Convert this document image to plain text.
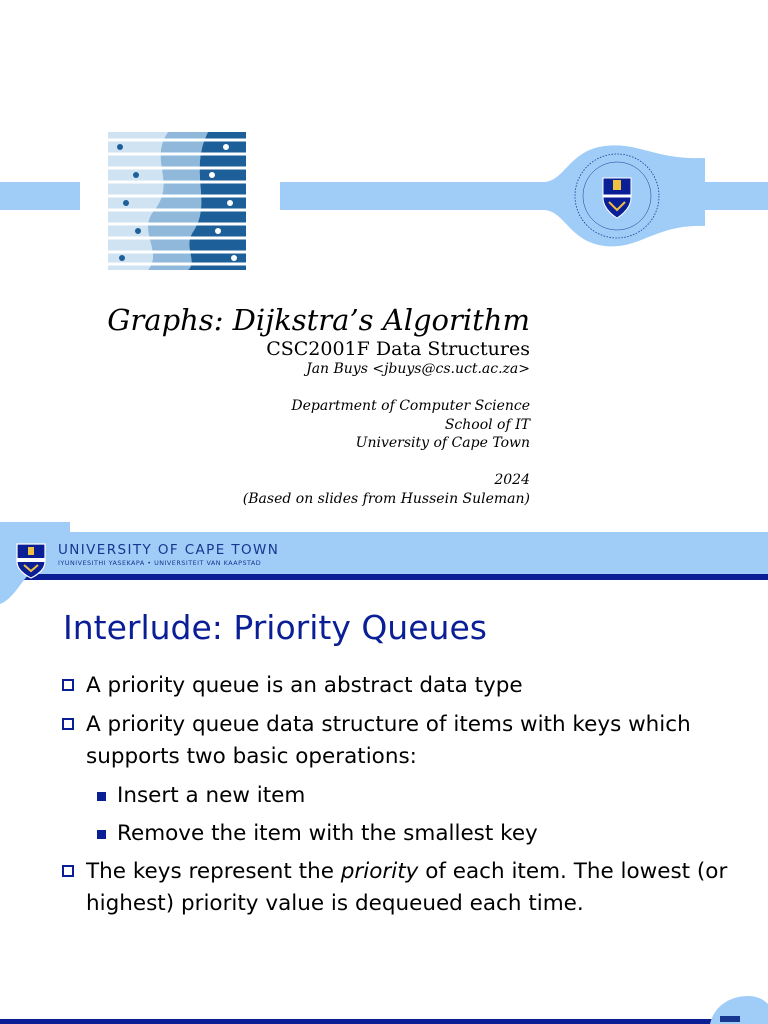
Graphs: Dijkstra’s Algorithm
CSC2001F Data Structures
Jan Buys <jbuys@cs.uct.ac.za>
Department of Computer Science
School of IT
University of Cape Town
2024
(Based on slides from Hussein Suleman)
UNIVERSITY OF CAPE TOWN
IYUNIVESITHI YASEKAPA • UNIVERSITEIT VAN KAAPSTAD
Interlude: Priority Queues
A priority queue is an abstract data type
A priority queue data structure of items with keys which supports two basic operations:
Insert a new item
Remove the item with the smallest key
The keys represent the priority of each item. The lowest (or highest) priority value is dequeued each time.
